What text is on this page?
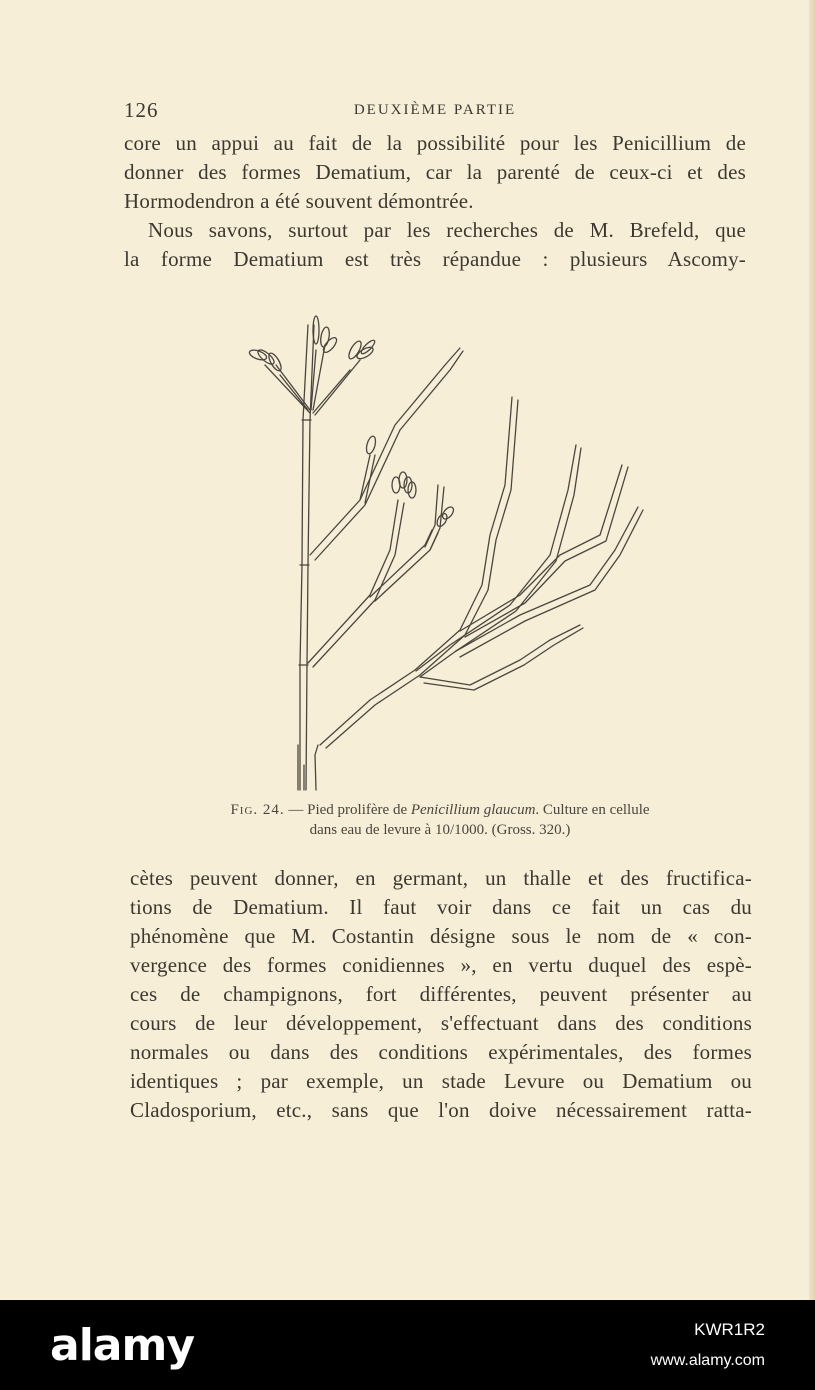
126	DEUXIÈME PARTIE
core un appui au fait de la possibilité pour les Penicillium de
donner des formes Dematium, car la parenté de ceux-ci et des
Hormodendron a été souvent démontrée.
Nous savons, surtout par les recherches de M. Brefeld, que
la forme Dematium est très répandue : plusieurs Ascomy-
Fig. 24. — Pied prolifère de Penicillium glaucum. Culture en cellule
dans eau de levure à 10/1000. (Gross. 320.)
cètes peuvent donner, en germant, un thalle et des fructifica-
tions de Dematium. Il faut voir dans ce fait un cas du
phénomène que M. Costantin désigne sous le nom de « con-
vergence des formes conidiennes », en vertu duquel des espè-
ces de champignons, fort différentes, peuvent présenter au
cours de leur développement, s'effectuant dans des conditions
normales ou dans des conditions expérimentales, des formes
identiques ; par exemple, un stade Levure ou Dematium ou
Cladosporium, etc., sans que l'on doive nécessairement ratta-
alamy	KWR1R2
www.alamy.com
